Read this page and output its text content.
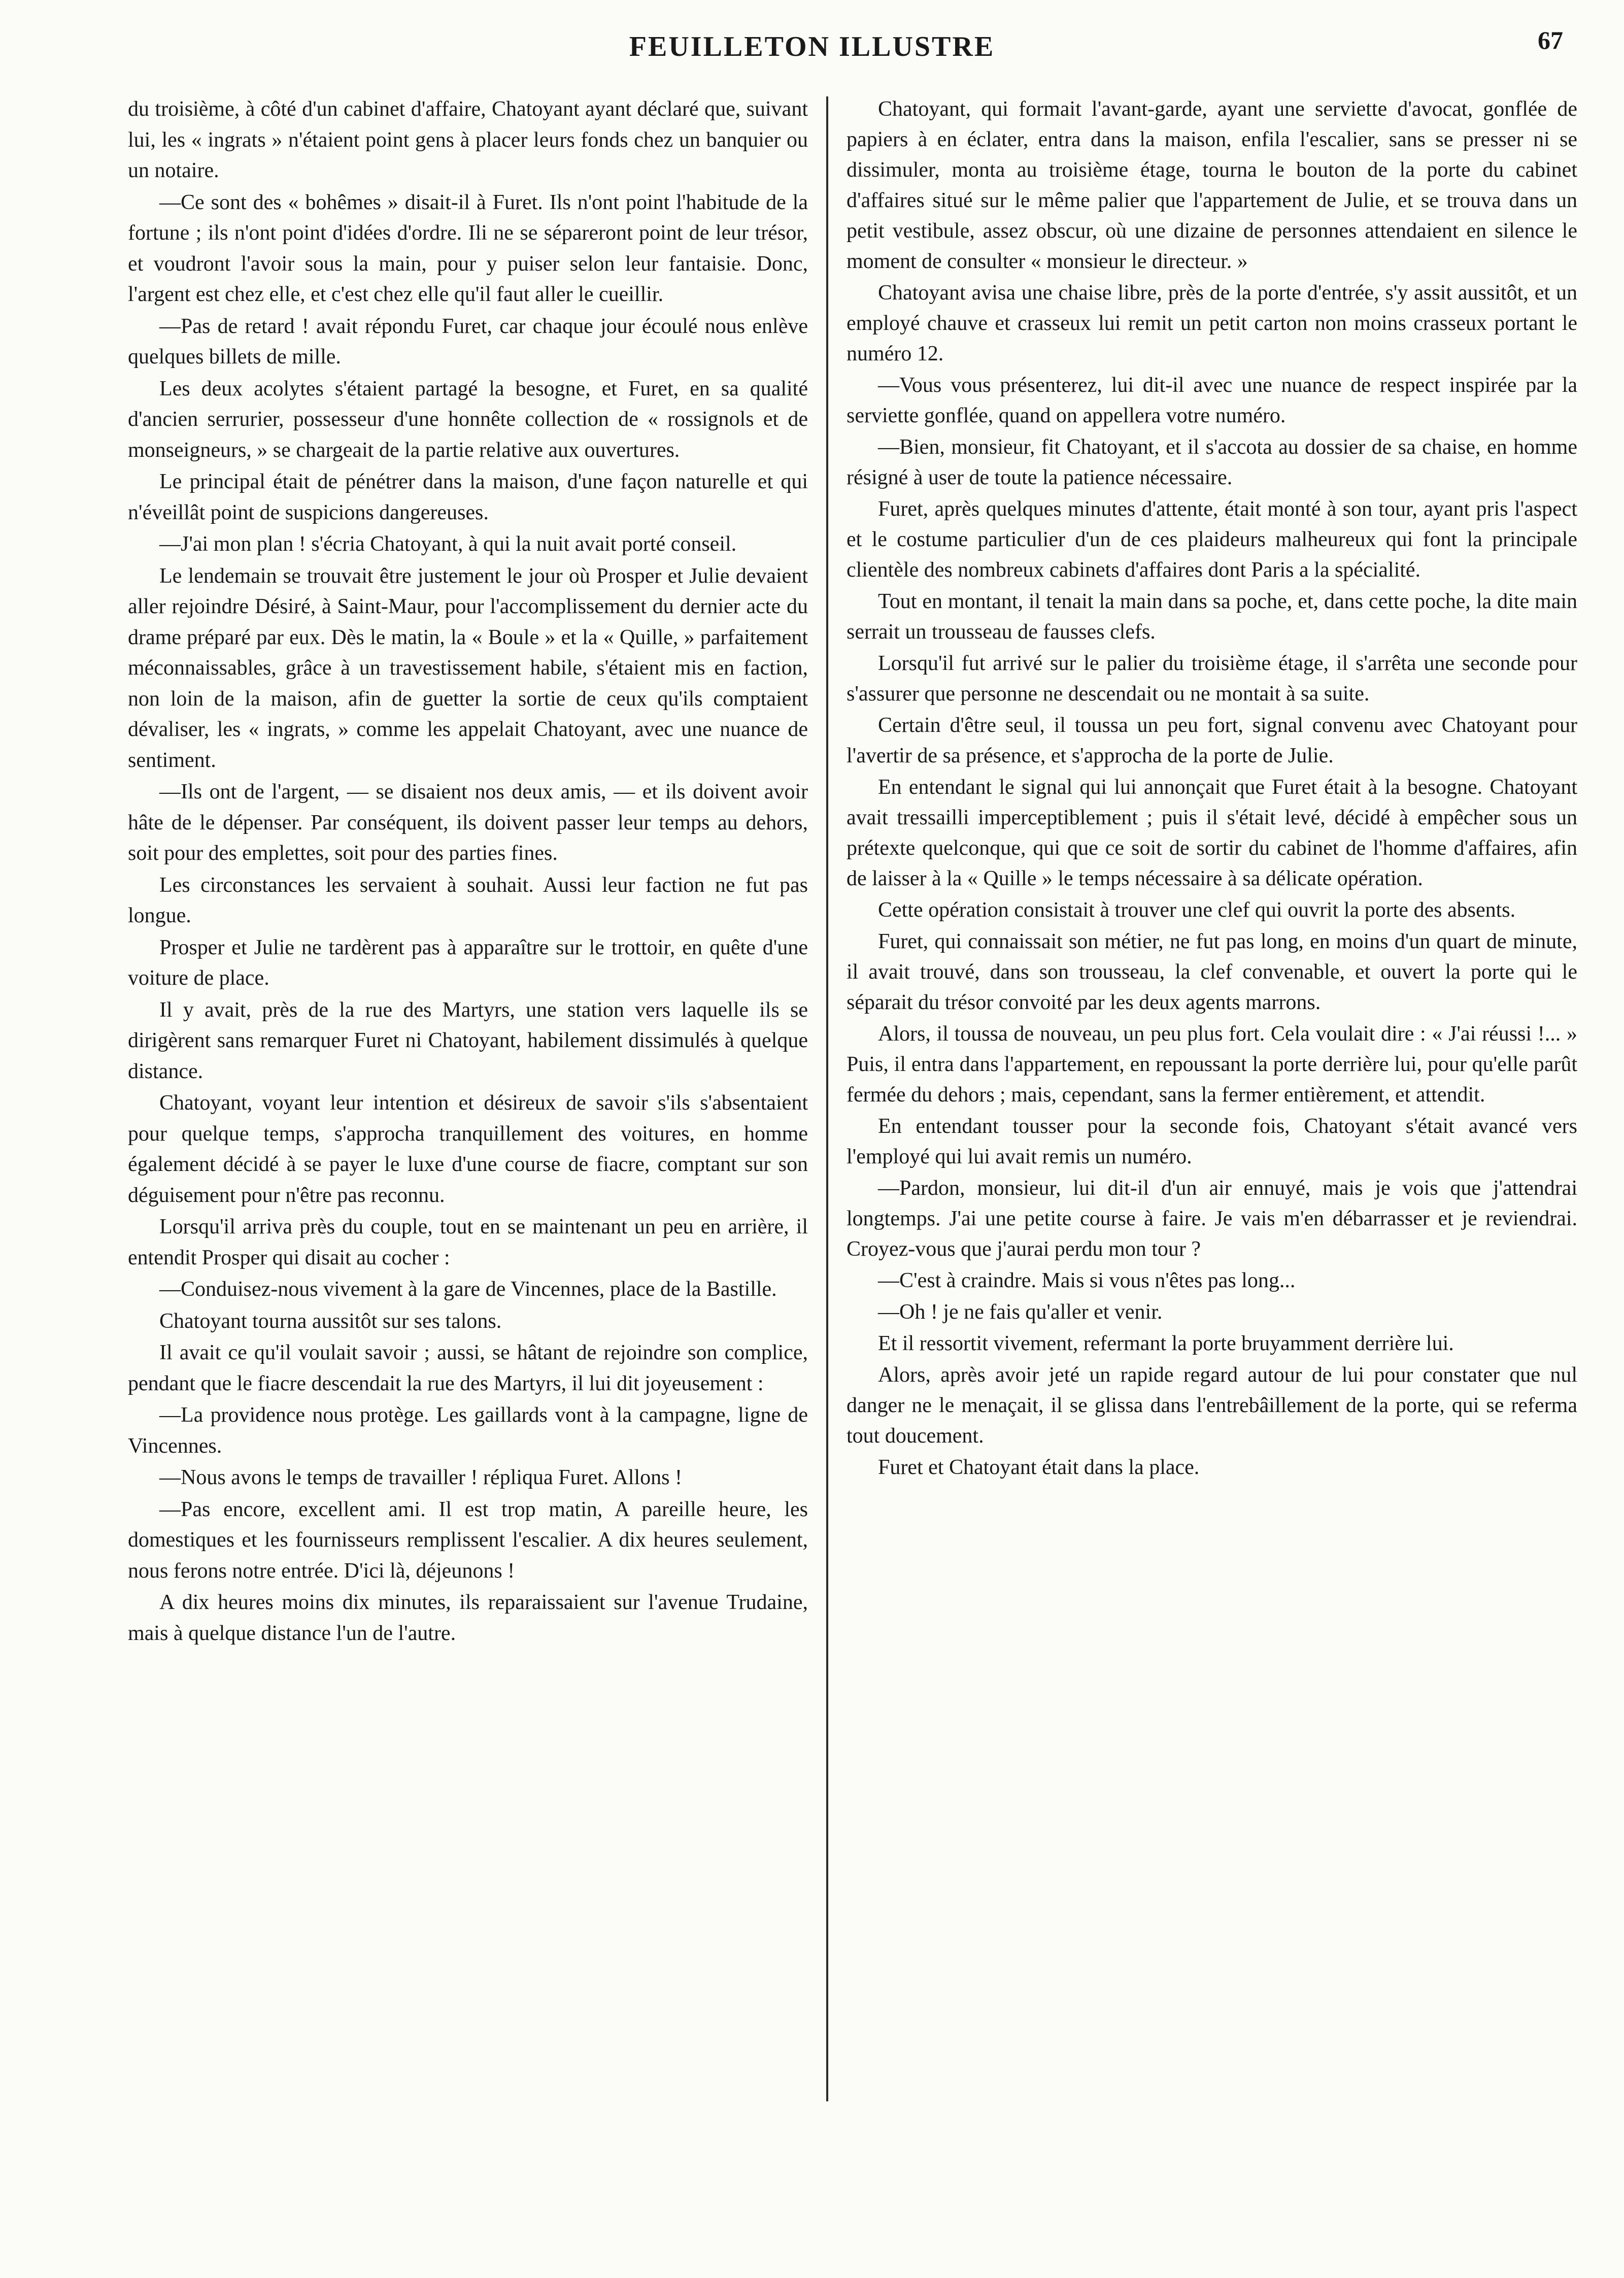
FEUILLETON ILLUSTRE	67

du troisième, à côté d'un cabinet d'affaire, Chatoyant ayant déclaré que, suivant lui, les « ingrats » n'étaient point gens à placer leurs fonds chez un banquier ou un notaire.

—Ce sont des « bohêmes » disait-il à Furet. Ils n'ont point l'habitude de la fortune ; ils n'ont point d'idées d'ordre. Ili ne se sépareront point de leur trésor, et voudront l'avoir sous la main, pour y puiser selon leur fantaisie. Donc, l'argent est chez elle, et c'est chez elle qu'il faut aller le cueillir.

—Pas de retard ! avait répondu Furet, car chaque jour écoulé nous enlève quelques billets de mille.

Les deux acolytes s'étaient partagé la besogne, et Furet, en sa qualité d'ancien serrurier, possesseur d'une honnête collection de « rossignols et de monseigneurs, » se chargeait de la partie relative aux ouvertures.

Le principal était de pénétrer dans la maison, d'une façon naturelle et qui n'éveillât point de suspicions dangereuses.

—J'ai mon plan ! s'écria Chatoyant, à qui la nuit avait porté conseil.

Le lendemain se trouvait être justement le jour où Prosper et Julie devaient aller rejoindre Désiré, à Saint-Maur, pour l'accomplissement du dernier acte du drame préparé par eux. Dès le matin, la « Boule » et la « Quille, » parfaitement méconnaissables, grâce à un travestissement habile, s'étaient mis en faction, non loin de la maison, afin de guetter la sortie de ceux qu'ils comptaient dévaliser, les « ingrats, » comme les appelait Chatoyant, avec une nuance de sentiment.

—Ils ont de l'argent, — se disaient nos deux amis, — et ils doivent avoir hâte de le dépenser. Par conséquent, ils doivent passer leur temps au dehors, soit pour des emplettes, soit pour des parties fines.

Les circonstances les servaient à souhait. Aussi leur faction ne fut pas longue.

Prosper et Julie ne tardèrent pas à apparaître sur le trottoir, en quête d'une voiture de place.

Il y avait, près de la rue des Martyrs, une station vers laquelle ils se dirigèrent sans remarquer Furet ni Chatoyant, habilement dissimulés à quelque distance.

Chatoyant, voyant leur intention et désireux de savoir s'ils s'absentaient pour quelque temps, s'approcha tranquillement des voitures, en homme également décidé à se payer le luxe d'une course de fiacre, comptant sur son déguisement pour n'être pas reconnu.

Lorsqu'il arriva près du couple, tout en se maintenant un peu en arrière, il entendit Prosper qui disait au cocher :

—Conduisez-nous vivement à la gare de Vincennes, place de la Bastille.

Chatoyant tourna aussitôt sur ses talons.

Il avait ce qu'il voulait savoir ; aussi, se hâtant de rejoindre son complice, pendant que le fiacre descendait la rue des Martyrs, il lui dit joyeusement :

—La providence nous protège. Les gaillards vont à la campagne, ligne de Vincennes.

—Nous avons le temps de travailler ! répliqua Furet. Allons !

—Pas encore, excellent ami. Il est trop matin, A pareille heure, les domestiques et les fournisseurs remplissent l'escalier. A dix heures seulement, nous ferons notre entrée. D'ici là, déjeunons !

A dix heures moins dix minutes, ils reparaissaient sur l'avenue Trudaine, mais à quelque distance l'un de l'autre.

Chatoyant, qui formait l'avant-garde, ayant une serviette d'avocat, gonflée de papiers à en éclater, entra dans la maison, enfila l'escalier, sans se presser ni se dissimuler, monta au troisième étage, tourna le bouton de la porte du cabinet d'affaires situé sur le même palier que l'appartement de Julie, et se trouva dans un petit vestibule, assez obscur, où une dizaine de personnes attendaient en silence le moment de consulter « monsieur le directeur. »

Chatoyant avisa une chaise libre, près de la porte d'entrée, s'y assit aussitôt, et un employé chauve et crasseux lui remit un petit carton non moins crasseux portant le numéro 12.

—Vous vous présenterez, lui dit-il avec une nuance de respect inspirée par la serviette gonflée, quand on appellera votre numéro.

—Bien, monsieur, fit Chatoyant, et il s'accota au dossier de sa chaise, en homme résigné à user de toute la patience nécessaire.

Furet, après quelques minutes d'attente, était monté à son tour, ayant pris l'aspect et le costume particulier d'un de ces plaideurs malheureux qui font la principale clientèle des nombreux cabinets d'affaires dont Paris a la spécialité.

Tout en montant, il tenait la main dans sa poche, et, dans cette poche, la dite main serrait un trousseau de fausses clefs.

Lorsqu'il fut arrivé sur le palier du troisième étage, il s'arrêta une seconde pour s'assurer que personne ne descendait ou ne montait à sa suite.

Certain d'être seul, il toussa un peu fort, signal convenu avec Chatoyant pour l'avertir de sa présence, et s'approcha de la porte de Julie.

En entendant le signal qui lui annonçait que Furet était à la besogne. Chatoyant avait tressailli imperceptiblement ; puis il s'était levé, décidé à empêcher sous un prétexte quelconque, qui que ce soit de sortir du cabinet de l'homme d'affaires, afin de laisser à la « Quille » le temps nécessaire à sa délicate opération.

Cette opération consistait à trouver une clef qui ouvrit la porte des absents.

Furet, qui connaissait son métier, ne fut pas long, en moins d'un quart de minute, il avait trouvé, dans son trousseau, la clef convenable, et ouvert la porte qui le séparait du trésor convoité par les deux agents marrons.

Alors, il toussa de nouveau, un peu plus fort. Cela voulait dire : « J'ai réussi !... » Puis, il entra dans l'appartement, en repoussant la porte derrière lui, pour qu'elle parût fermée du dehors ; mais, cependant, sans la fermer entièrement, et attendit.

En entendant tousser pour la seconde fois, Chatoyant s'était avancé vers l'employé qui lui avait remis un numéro.

—Pardon, monsieur, lui dit-il d'un air ennuyé, mais je vois que j'attendrai longtemps. J'ai une petite course à faire. Je vais m'en débarrasser et je reviendrai. Croyez-vous que j'aurai perdu mon tour ?

—C'est à craindre. Mais si vous n'êtes pas long...

—Oh ! je ne fais qu'aller et venir.

Et il ressortit vivement, refermant la porte bruyamment derrière lui.

Alors, après avoir jeté un rapide regard autour de lui pour constater que nul danger ne le menaçait, il se glissa dans l'entrebâillement de la porte, qui se referma tout doucement.

Furet et Chatoyant était dans la place.
